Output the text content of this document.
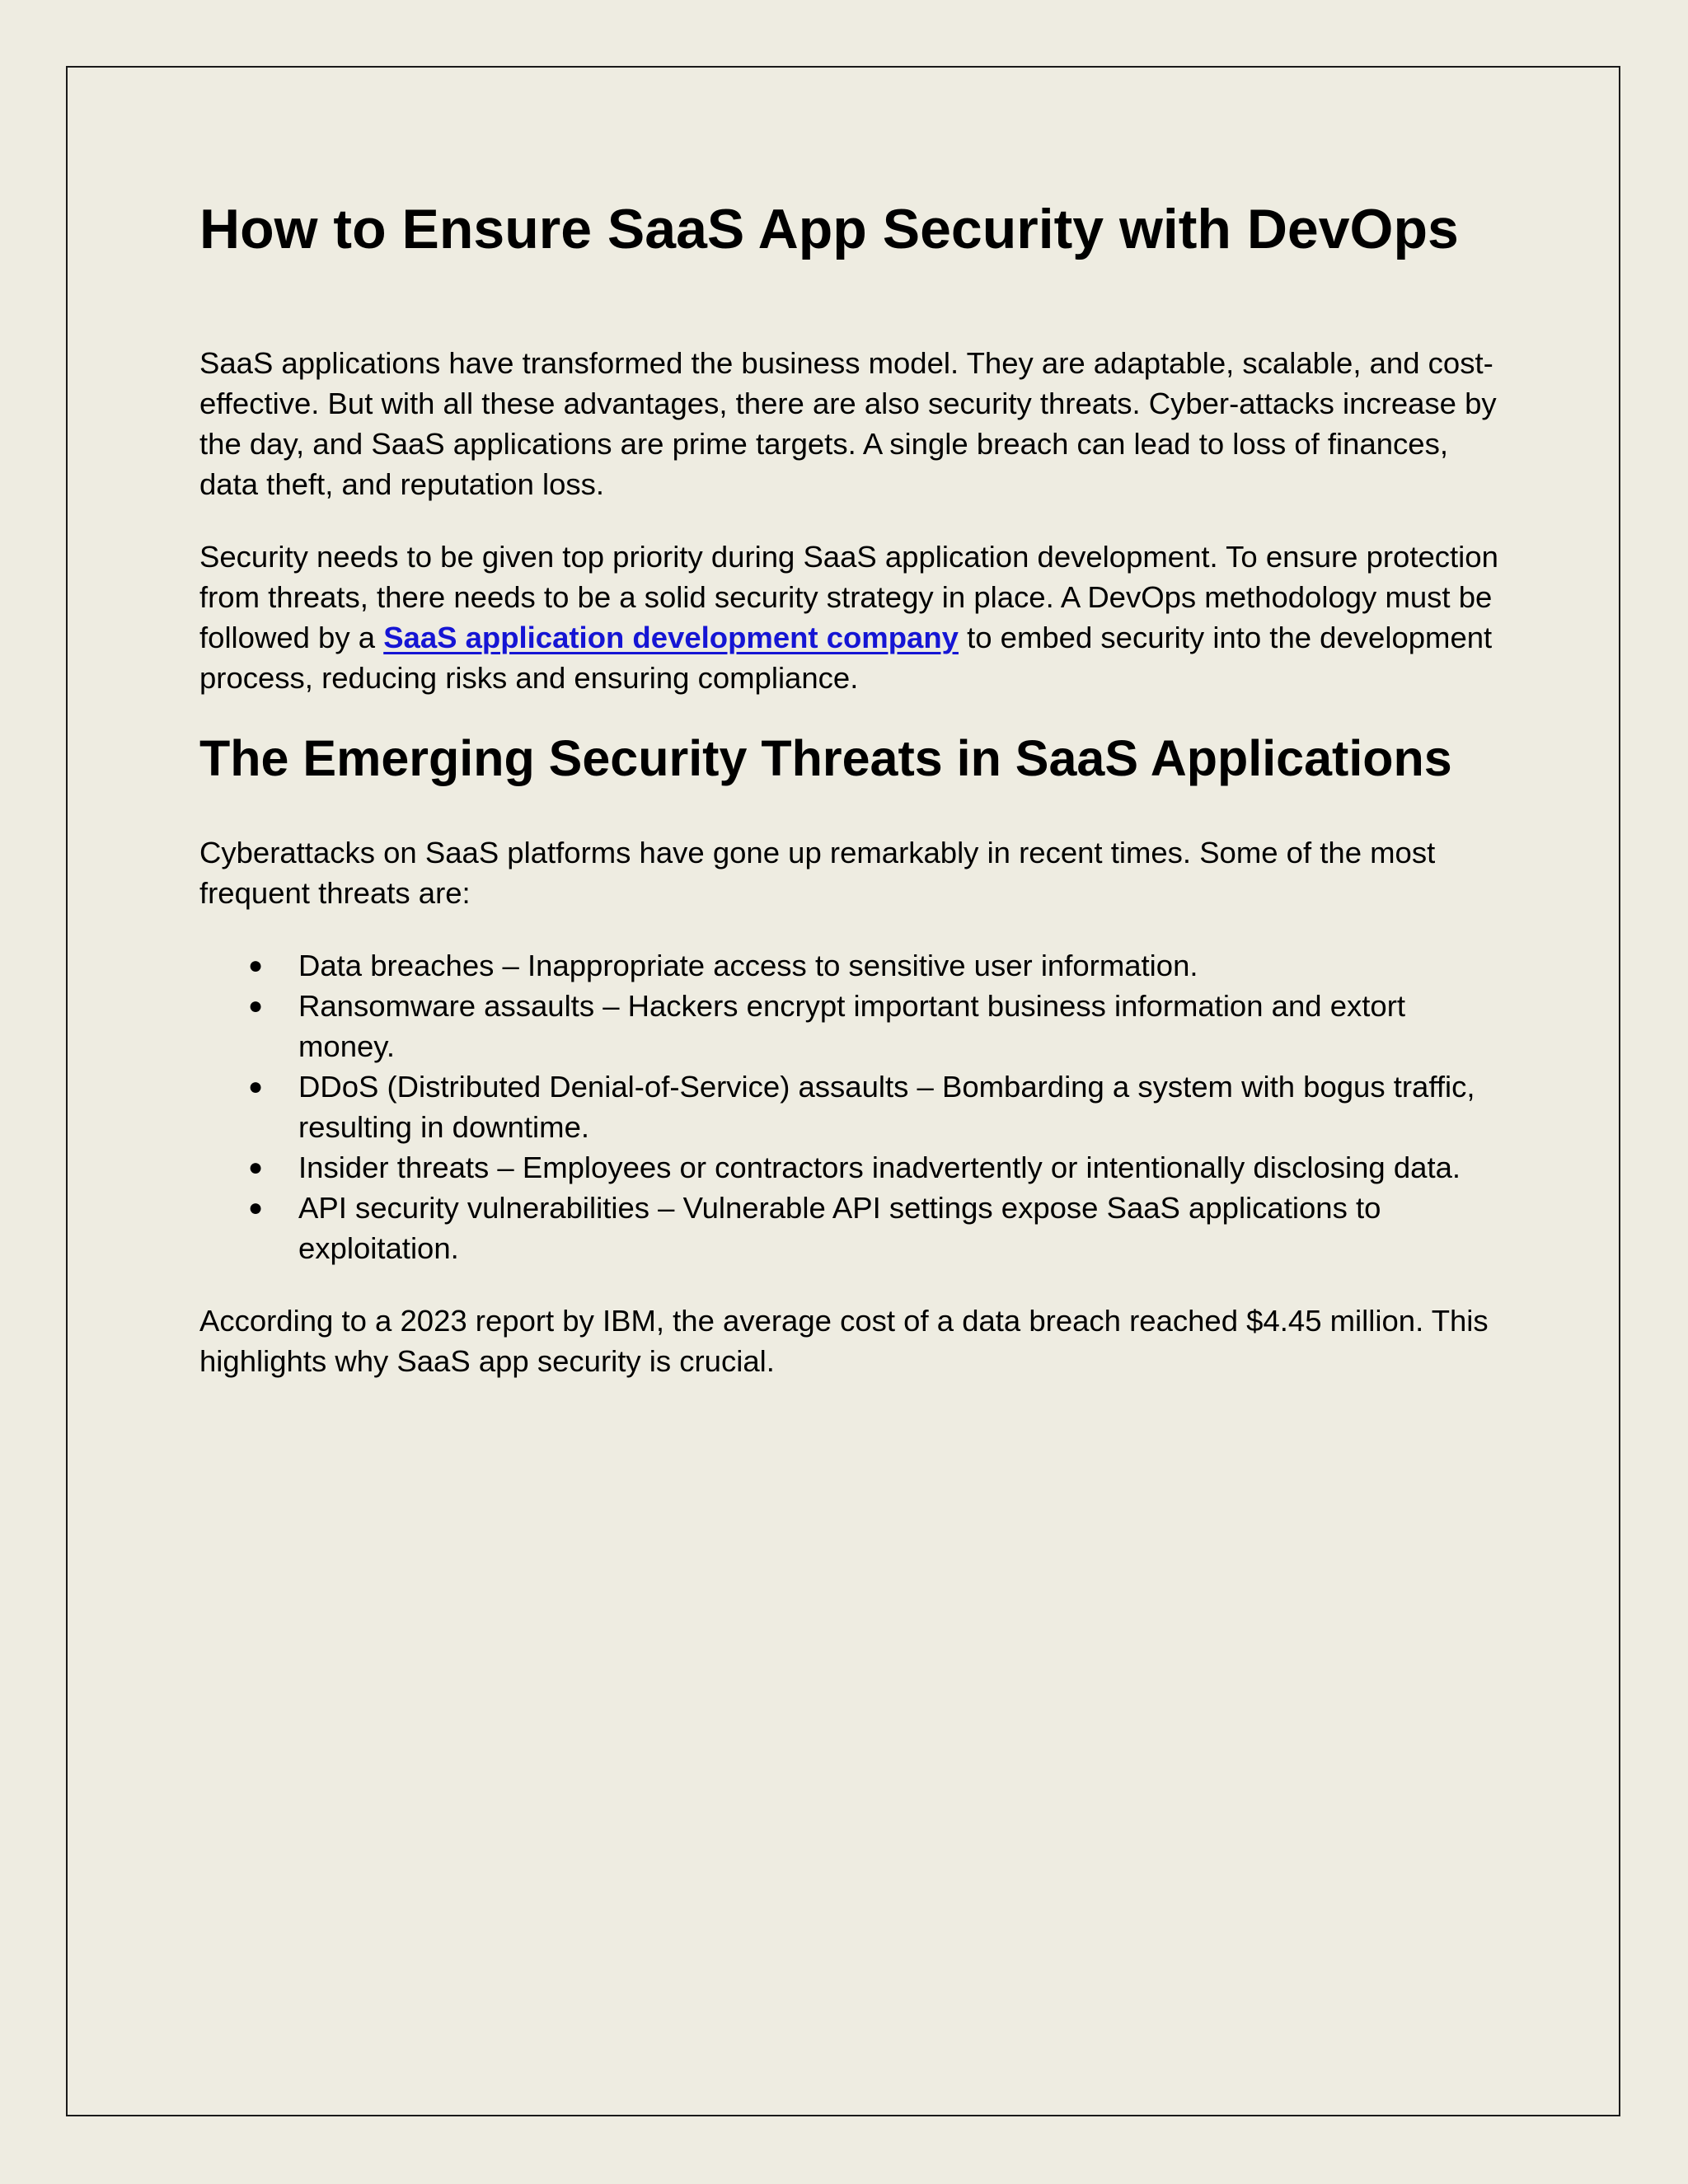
How to Ensure SaaS App Security with DevOps

SaaS applications have transformed the business model. They are adaptable, scalable, and cost-effective. But with all these advantages, there are also security threats. Cyber-attacks increase by the day, and SaaS applications are prime targets. A single breach can lead to loss of finances, data theft, and reputation loss.

Security needs to be given top priority during SaaS application development. To ensure protection from threats, there needs to be a solid security strategy in place. A DevOps methodology must be followed by a SaaS application development company to embed security into the development process, reducing risks and ensuring compliance.

The Emerging Security Threats in SaaS Applications

Cyberattacks on SaaS platforms have gone up remarkably in recent times. Some of the most frequent threats are:

● Data breaches – Inappropriate access to sensitive user information.
● Ransomware assaults – Hackers encrypt important business information and extort money.
● DDoS (Distributed Denial-of-Service) assaults – Bombarding a system with bogus traffic, resulting in downtime.
● Insider threats – Employees or contractors inadvertently or intentionally disclosing data.
● API security vulnerabilities – Vulnerable API settings expose SaaS applications to exploitation.

According to a 2023 report by IBM, the average cost of a data breach reached $4.45 million. This highlights why SaaS app security is crucial.
